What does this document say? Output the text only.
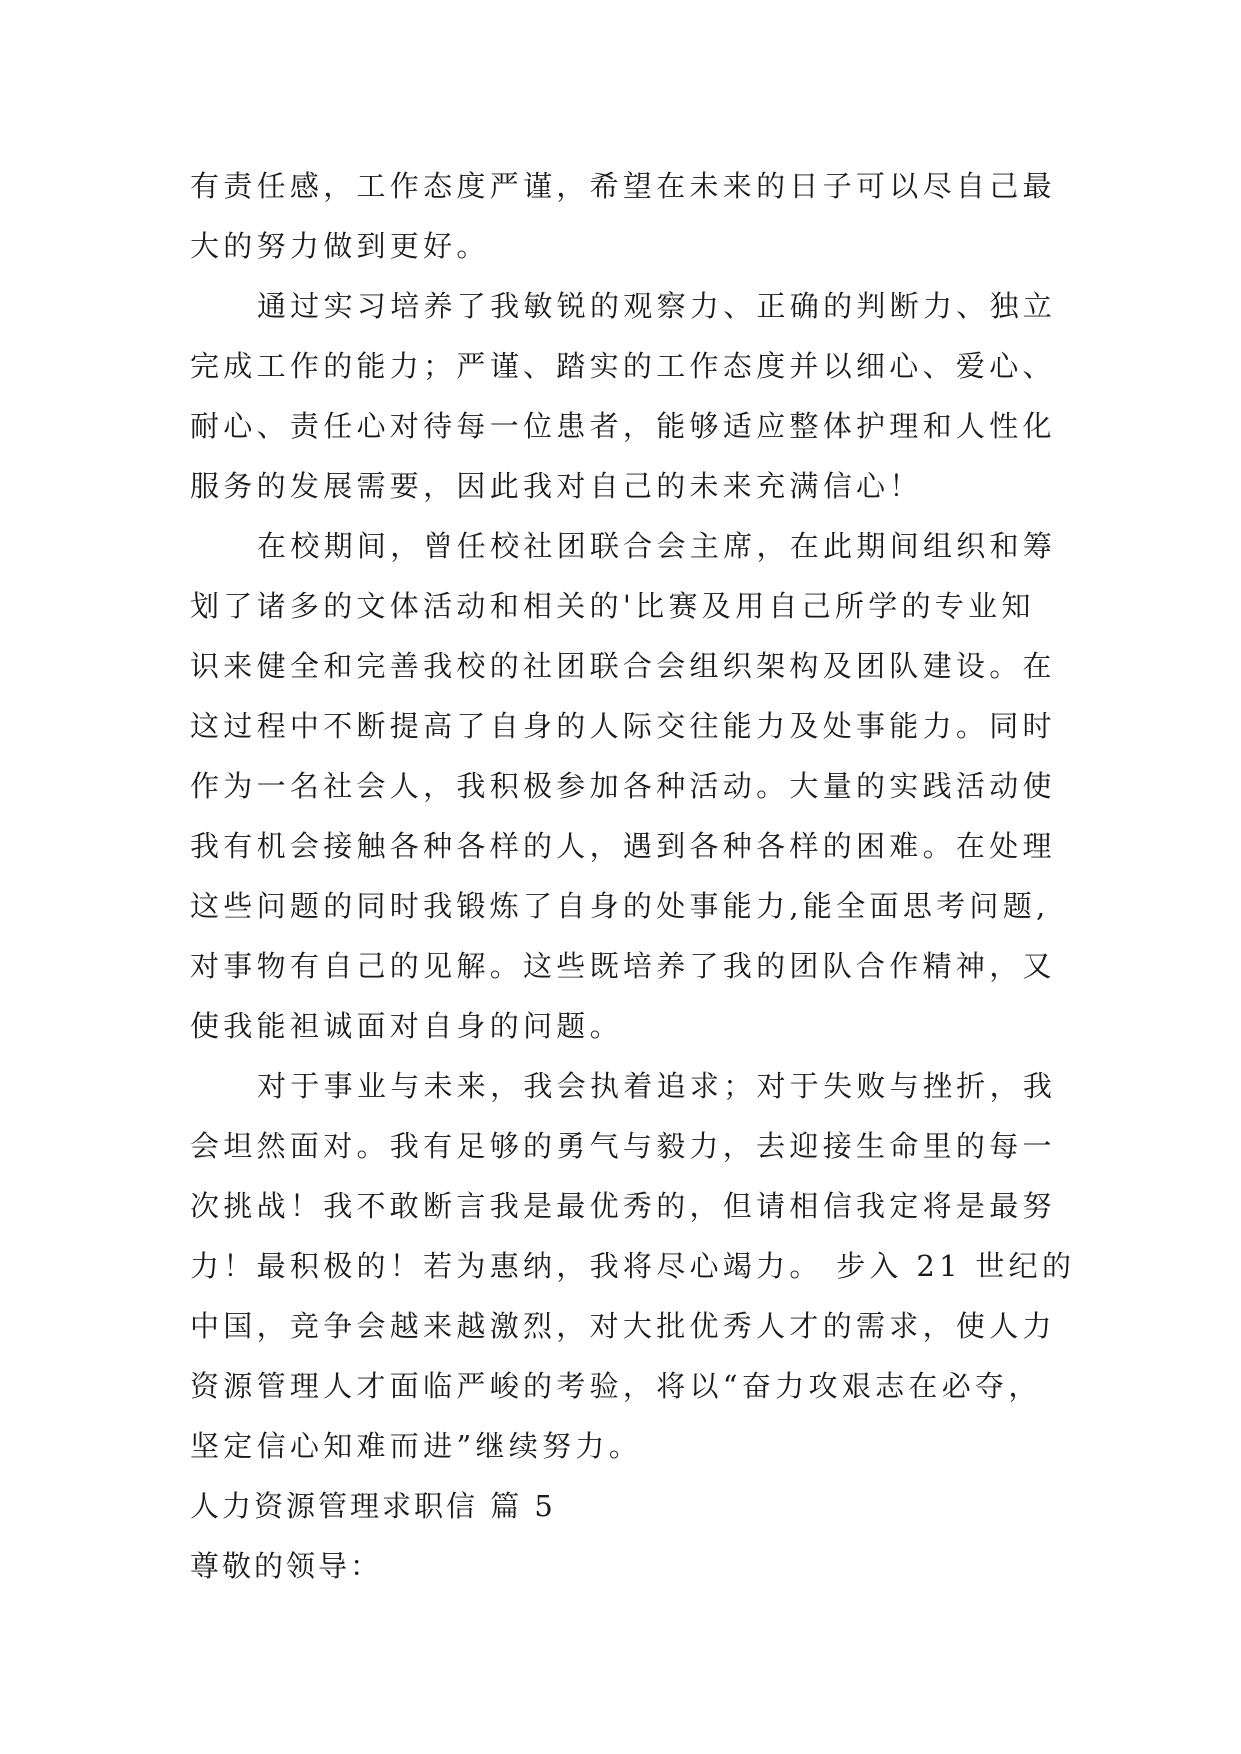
有责任感，工作态度严谨，希望在未来的日子可以尽自己最
大的努力做到更好。
通过实习培养了我敏锐的观察力、正确的判断力、独立
完成工作的能力；严谨、踏实的工作态度并以细心、爱心、
耐心、责任心对待每一位患者，能够适应整体护理和人性化
服务的发展需要，因此我对自己的未来充满信心！
在校期间，曾任校社团联合会主席，在此期间组织和筹
划了诸多的文体活动和相关的'比赛及用自己所学的专业知
识来健全和完善我校的社团联合会组织架构及团队建设。在
这过程中不断提高了自身的人际交往能力及处事能力。同时
作为一名社会人，我积极参加各种活动。大量的实践活动使
我有机会接触各种各样的人，遇到各种各样的困难。在处理
这些问题的同时我锻炼了自身的处事能力,能全面思考问题,
对事物有自己的见解。这些既培养了我的团队合作精神，又
使我能袒诚面对自身的问题。
对于事业与未来，我会执着追求；对于失败与挫折，我
会坦然面对。我有足够的勇气与毅力，去迎接生命里的每一
次挑战！我不敢断言我是最优秀的，但请相信我定将是最努
力！最积极的！若为惠纳，我将尽心竭力。 步入 21 世纪的
中国，竞争会越来越激烈，对大批优秀人才的需求，使人力
资源管理人才面临严峻的考验，将以“奋力攻艰志在必夺，
坚定信心知难而进”继续努力。
人力资源管理求职信 篇 5
尊敬的领导：
